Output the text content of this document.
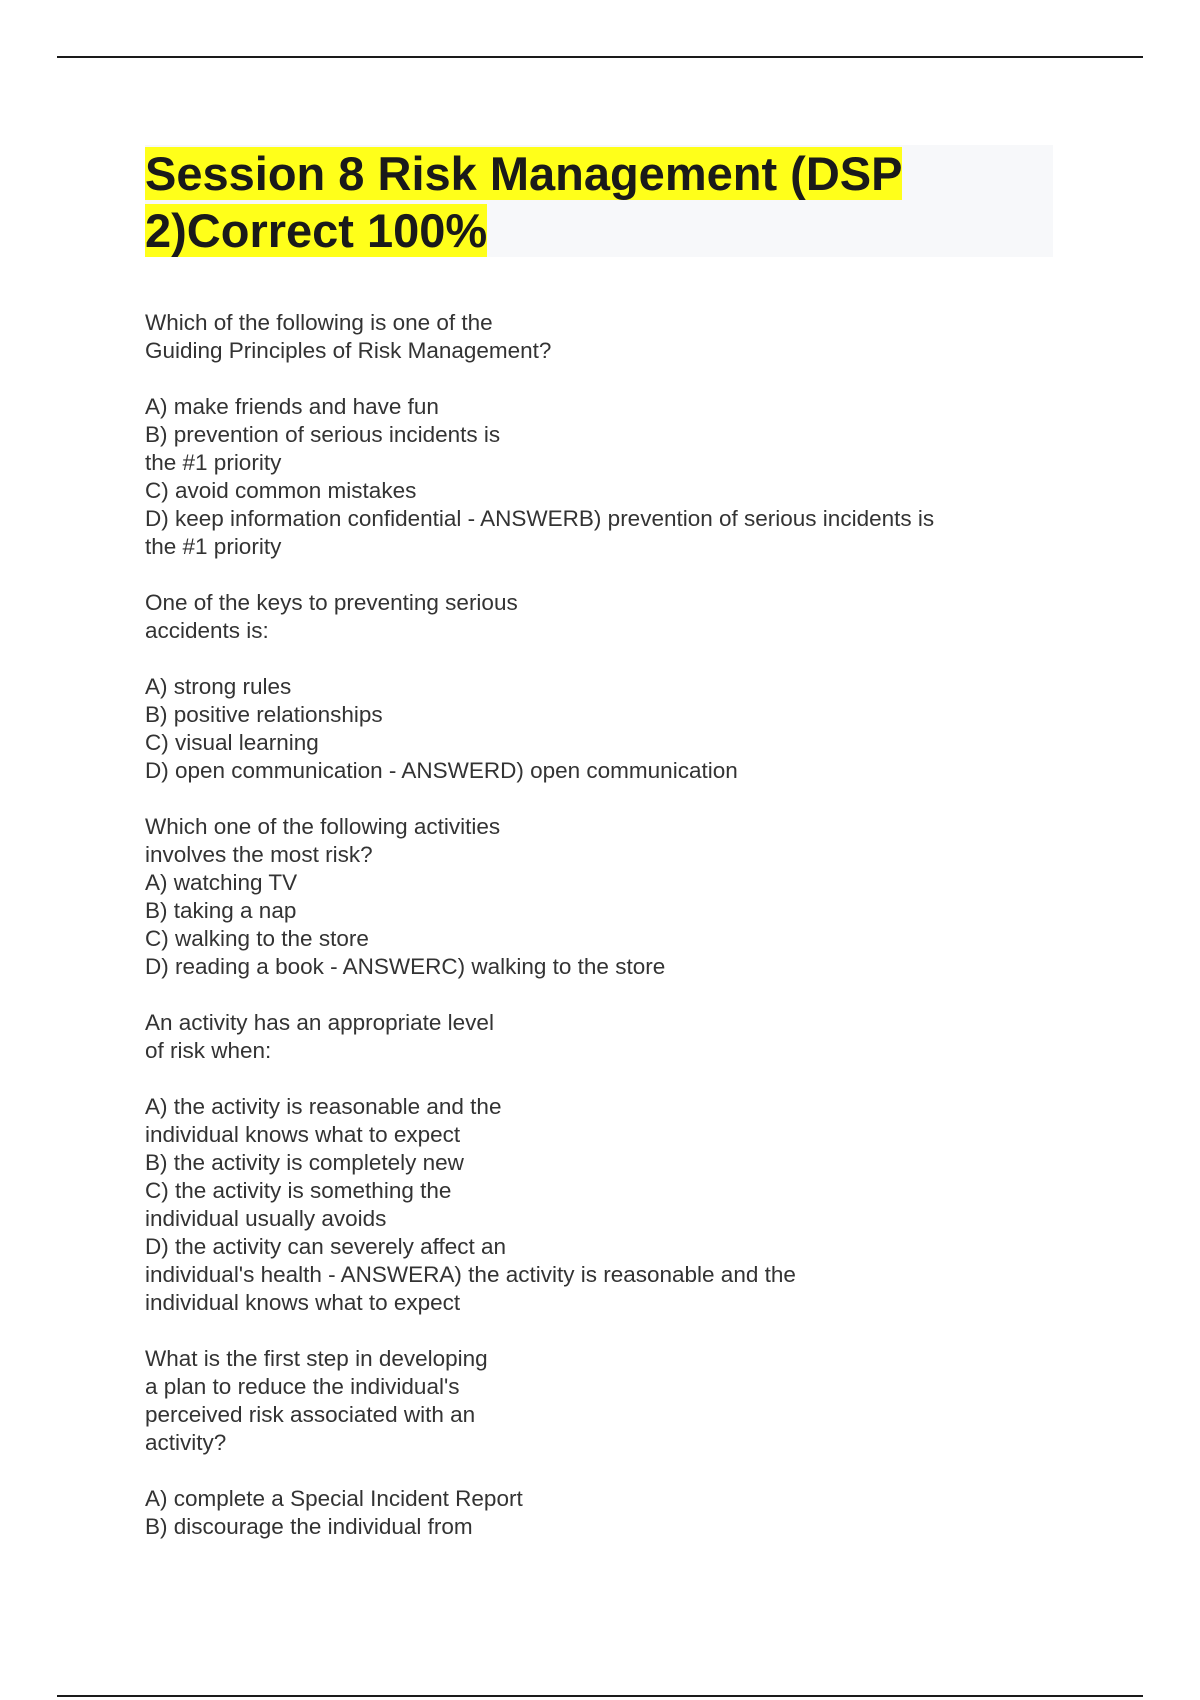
Session 8 Risk Management (DSP 2)Correct 100%

Which of the following is one of the
Guiding Principles of Risk Management?

A) make friends and have fun
B) prevention of serious incidents is
the #1 priority
C) avoid common mistakes
D) keep information confidential - ANSWERB) prevention of serious incidents is
the #1 priority

One of the keys to preventing serious
accidents is:

A) strong rules
B) positive relationships
C) visual learning
D) open communication - ANSWERD) open communication

Which one of the following activities
involves the most risk?
A) watching TV
B) taking a nap
C) walking to the store
D) reading a book - ANSWERC) walking to the store

An activity has an appropriate level
of risk when:

A) the activity is reasonable and the
individual knows what to expect
B) the activity is completely new
C) the activity is something the
individual usually avoids
D) the activity can severely affect an
individual's health - ANSWERA) the activity is reasonable and the
individual knows what to expect

What is the first step in developing
a plan to reduce the individual's
perceived risk associated with an
activity?

A) complete a Special Incident Report
B) discourage the individual from
